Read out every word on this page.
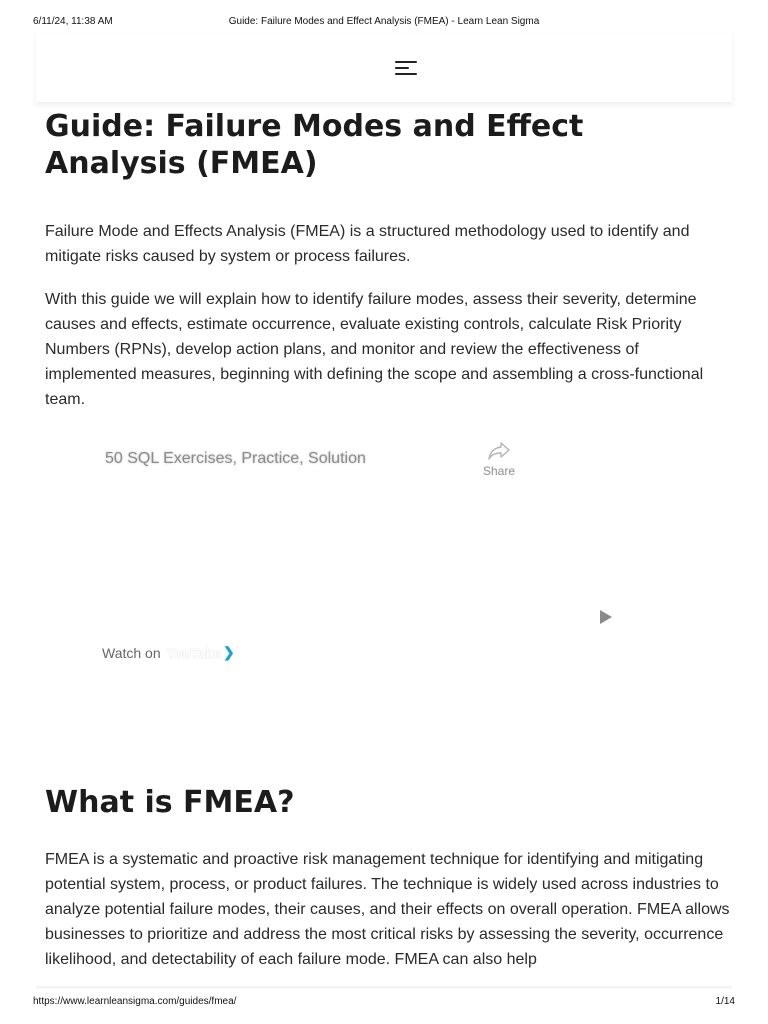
6/11/24, 11:38 AM	Guide: Failure Modes and Effect Analysis (FMEA) - Learn Lean Sigma
Guide: Failure Modes and Effect Analysis (FMEA)

Failure Mode and Effects Analysis (FMEA) is a structured methodology used to identify and mitigate risks caused by system or process failures.

With this guide we will explain how to identify failure modes, assess their severity, determine causes and effects, estimate occurrence, evaluate existing controls, calculate Risk Priority Numbers (RPNs), develop action plans, and monitor and review the effectiveness of implemented measures, beginning with defining the scope and assembling a cross-functional team.

50 SQL Exercises, Practice, Solution
Share
Watch on YouTube ❯
What is FMEA?

FMEA is a systematic and proactive risk management technique for identifying and mitigating potential system, process, or product failures. The technique is widely used across industries to analyze potential failure modes, their causes, and their effects on overall operation. FMEA allows businesses to prioritize and address the most critical risks by assessing the severity, occurrence likelihood, and detectability of each failure mode. FMEA can also help

https://www.learnleansigma.com/guides/fmea/	1/14
